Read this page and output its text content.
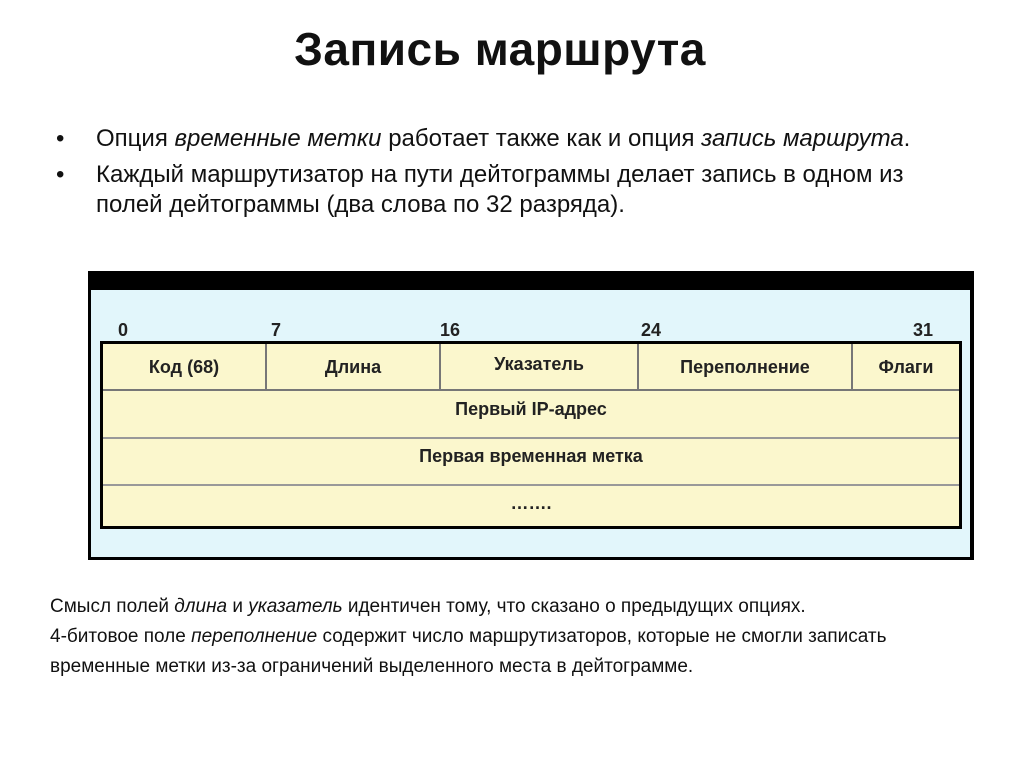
Запись маршрута
• Опция временные метки работает также как и опция запись маршрута.
• Каждый маршрутизатор на пути дейтограммы делает запись в одном из полей дейтограммы (два слова по 32 разряда).
0	7	16	24	31
Код (68)	Длина	Указатель	Переполнение	Флаги
Первый IP-адрес
Первая временная метка
…….

Смысл полей длина и указатель идентичен тому, что сказано о предыдущих опциях.

4-битовое поле переполнение содержит число маршрутизаторов, которые не смогли записать временные метки из-за ограничений выделенного места в дейтограмме.
